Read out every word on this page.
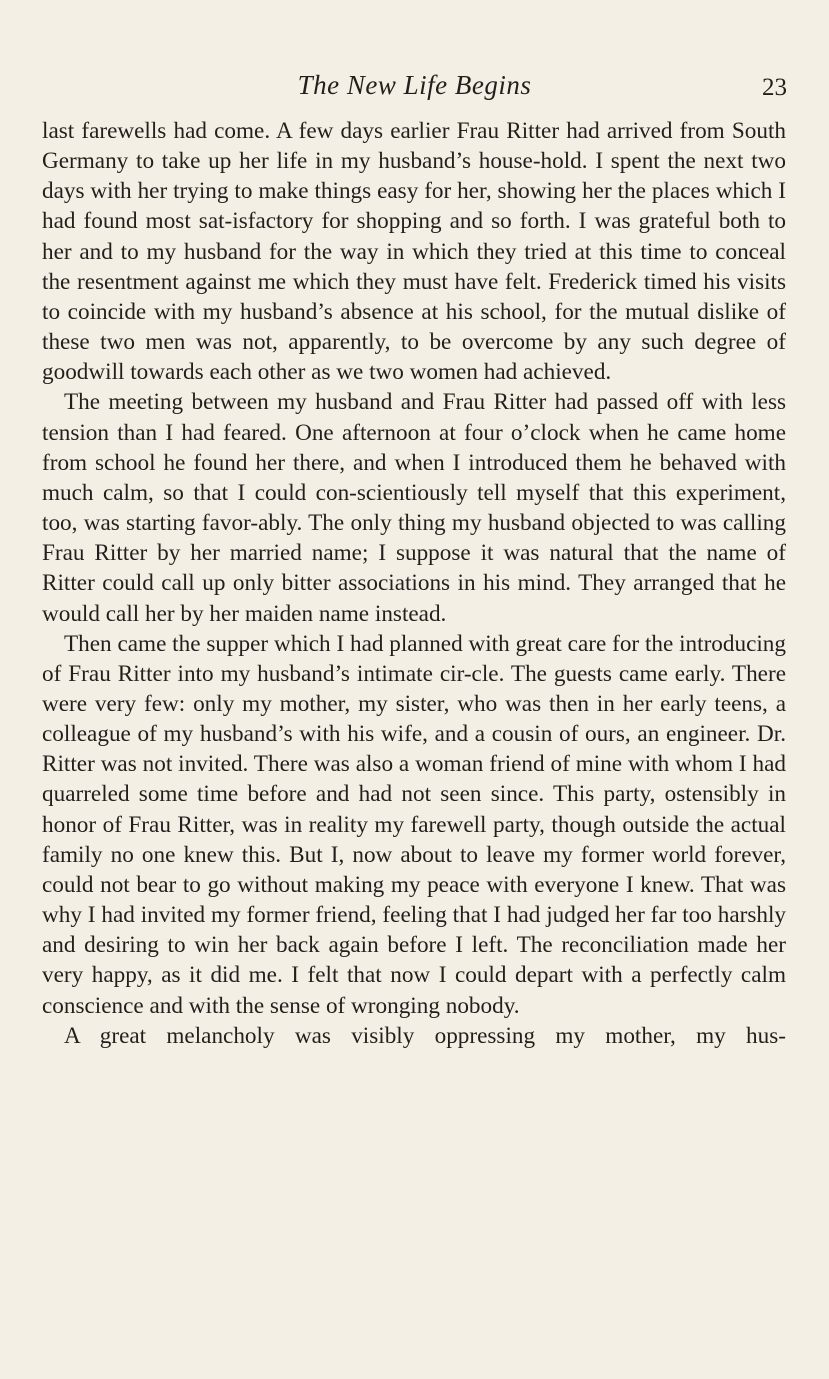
The New Life Begins	23

last farewells had come. A few days earlier Frau Ritter had arrived from South Germany to take up her life in my husband’s house-hold. I spent the next two days with her trying to make things easy for her, showing her the places which I had found most sat-isfactory for shopping and so forth. I was grateful both to her and to my husband for the way in which they tried at this time to conceal the resentment against me which they must have felt. Frederick timed his visits to coincide with my husband’s absence at his school, for the mutual dislike of these two men was not, apparently, to be overcome by any such degree of goodwill towards each other as we two women had achieved.

The meeting between my husband and Frau Ritter had passed off with less tension than I had feared. One afternoon at four o’clock when he came home from school he found her there, and when I introduced them he behaved with much calm, so that I could con-scientiously tell myself that this experiment, too, was starting favor-ably. The only thing my husband objected to was calling Frau Ritter by her married name; I suppose it was natural that the name of Ritter could call up only bitter associations in his mind. They arranged that he would call her by her maiden name instead.

Then came the supper which I had planned with great care for the introducing of Frau Ritter into my husband’s intimate cir-cle. The guests came early. There were very few: only my mother, my sister, who was then in her early teens, a colleague of my husband’s with his wife, and a cousin of ours, an engineer. Dr. Ritter was not invited. There was also a woman friend of mine with whom I had quarreled some time before and had not seen since. This party, ostensibly in honor of Frau Ritter, was in reality my farewell party, though outside the actual family no one knew this. But I, now about to leave my former world forever, could not bear to go without making my peace with everyone I knew. That was why I had invited my former friend, feeling that I had judged her far too harshly and desiring to win her back again before I left. The reconciliation made her very happy, as it did me. I felt that now I could depart with a perfectly calm conscience and with the sense of wronging nobody.

A great melancholy was visibly oppressing my mother, my hus-
